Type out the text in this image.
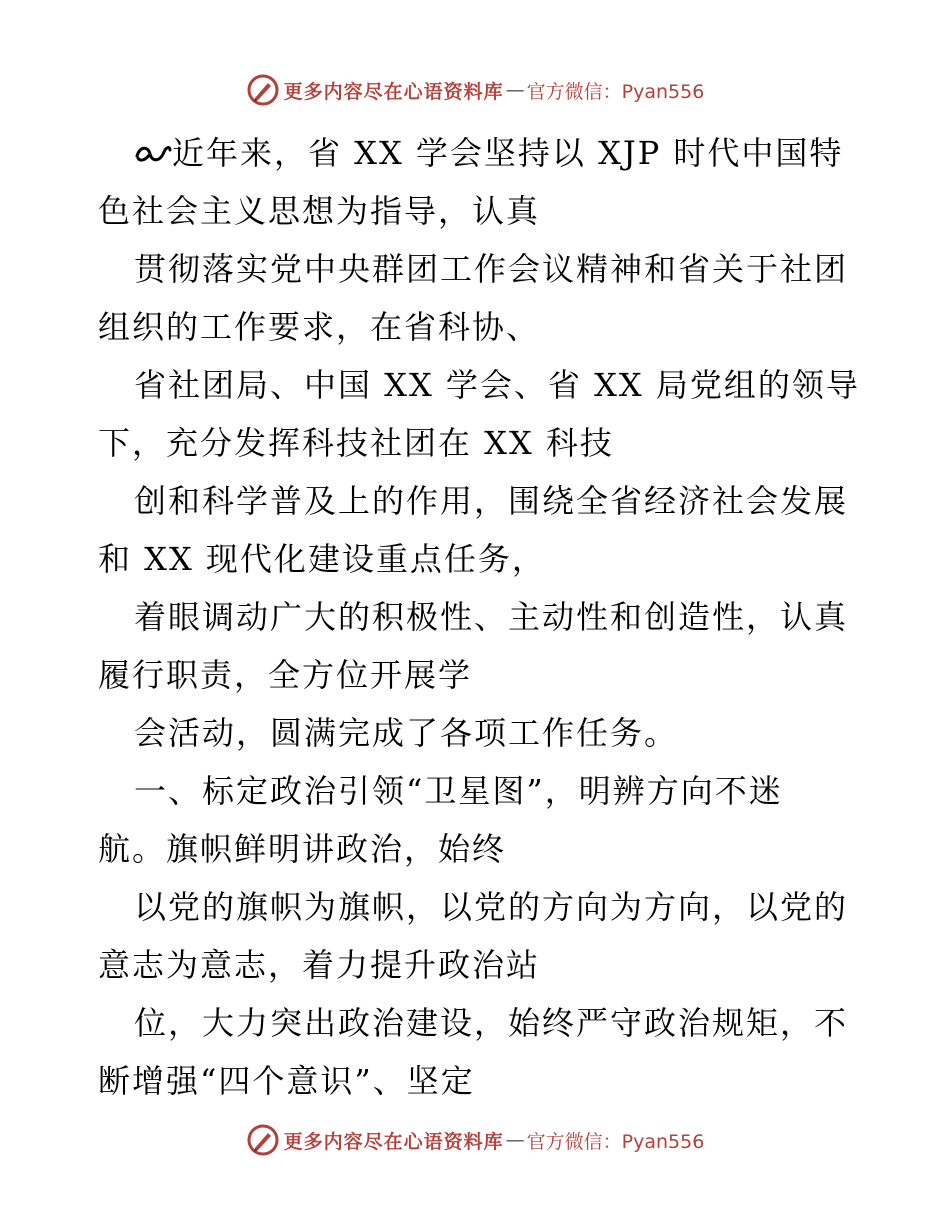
更多内容尽在心语资料库 — 官方微信：Pyan556
近年来，省 XX 学会坚持以 XJP 时代中国特
色社会主义思想为指导，认真
贯彻落实党中央群团工作会议精神和省关于社团
组织的工作要求，在省科协、
省社团局、中国 XX 学会、省 XX 局党组的领导
下，充分发挥科技社团在 XX 科技
创和科学普及上的作用，围绕全省经济社会发展
和 XX 现代化建设重点任务，
着眼调动广大的积极性、主动性和创造性，认真
履行职责，全方位开展学
会活动，圆满完成了各项工作任务。
一、标定政治引领“卫星图”，明辨方向不迷
航。旗帜鲜明讲政治，始终
以党的旗帜为旗帜，以党的方向为方向，以党的
意志为意志，着力提升政治站
位，大力突出政治建设，始终严守政治规矩，不
断增强“四个意识”、坚定
更多内容尽在心语资料库 — 官方微信：Pyan556
